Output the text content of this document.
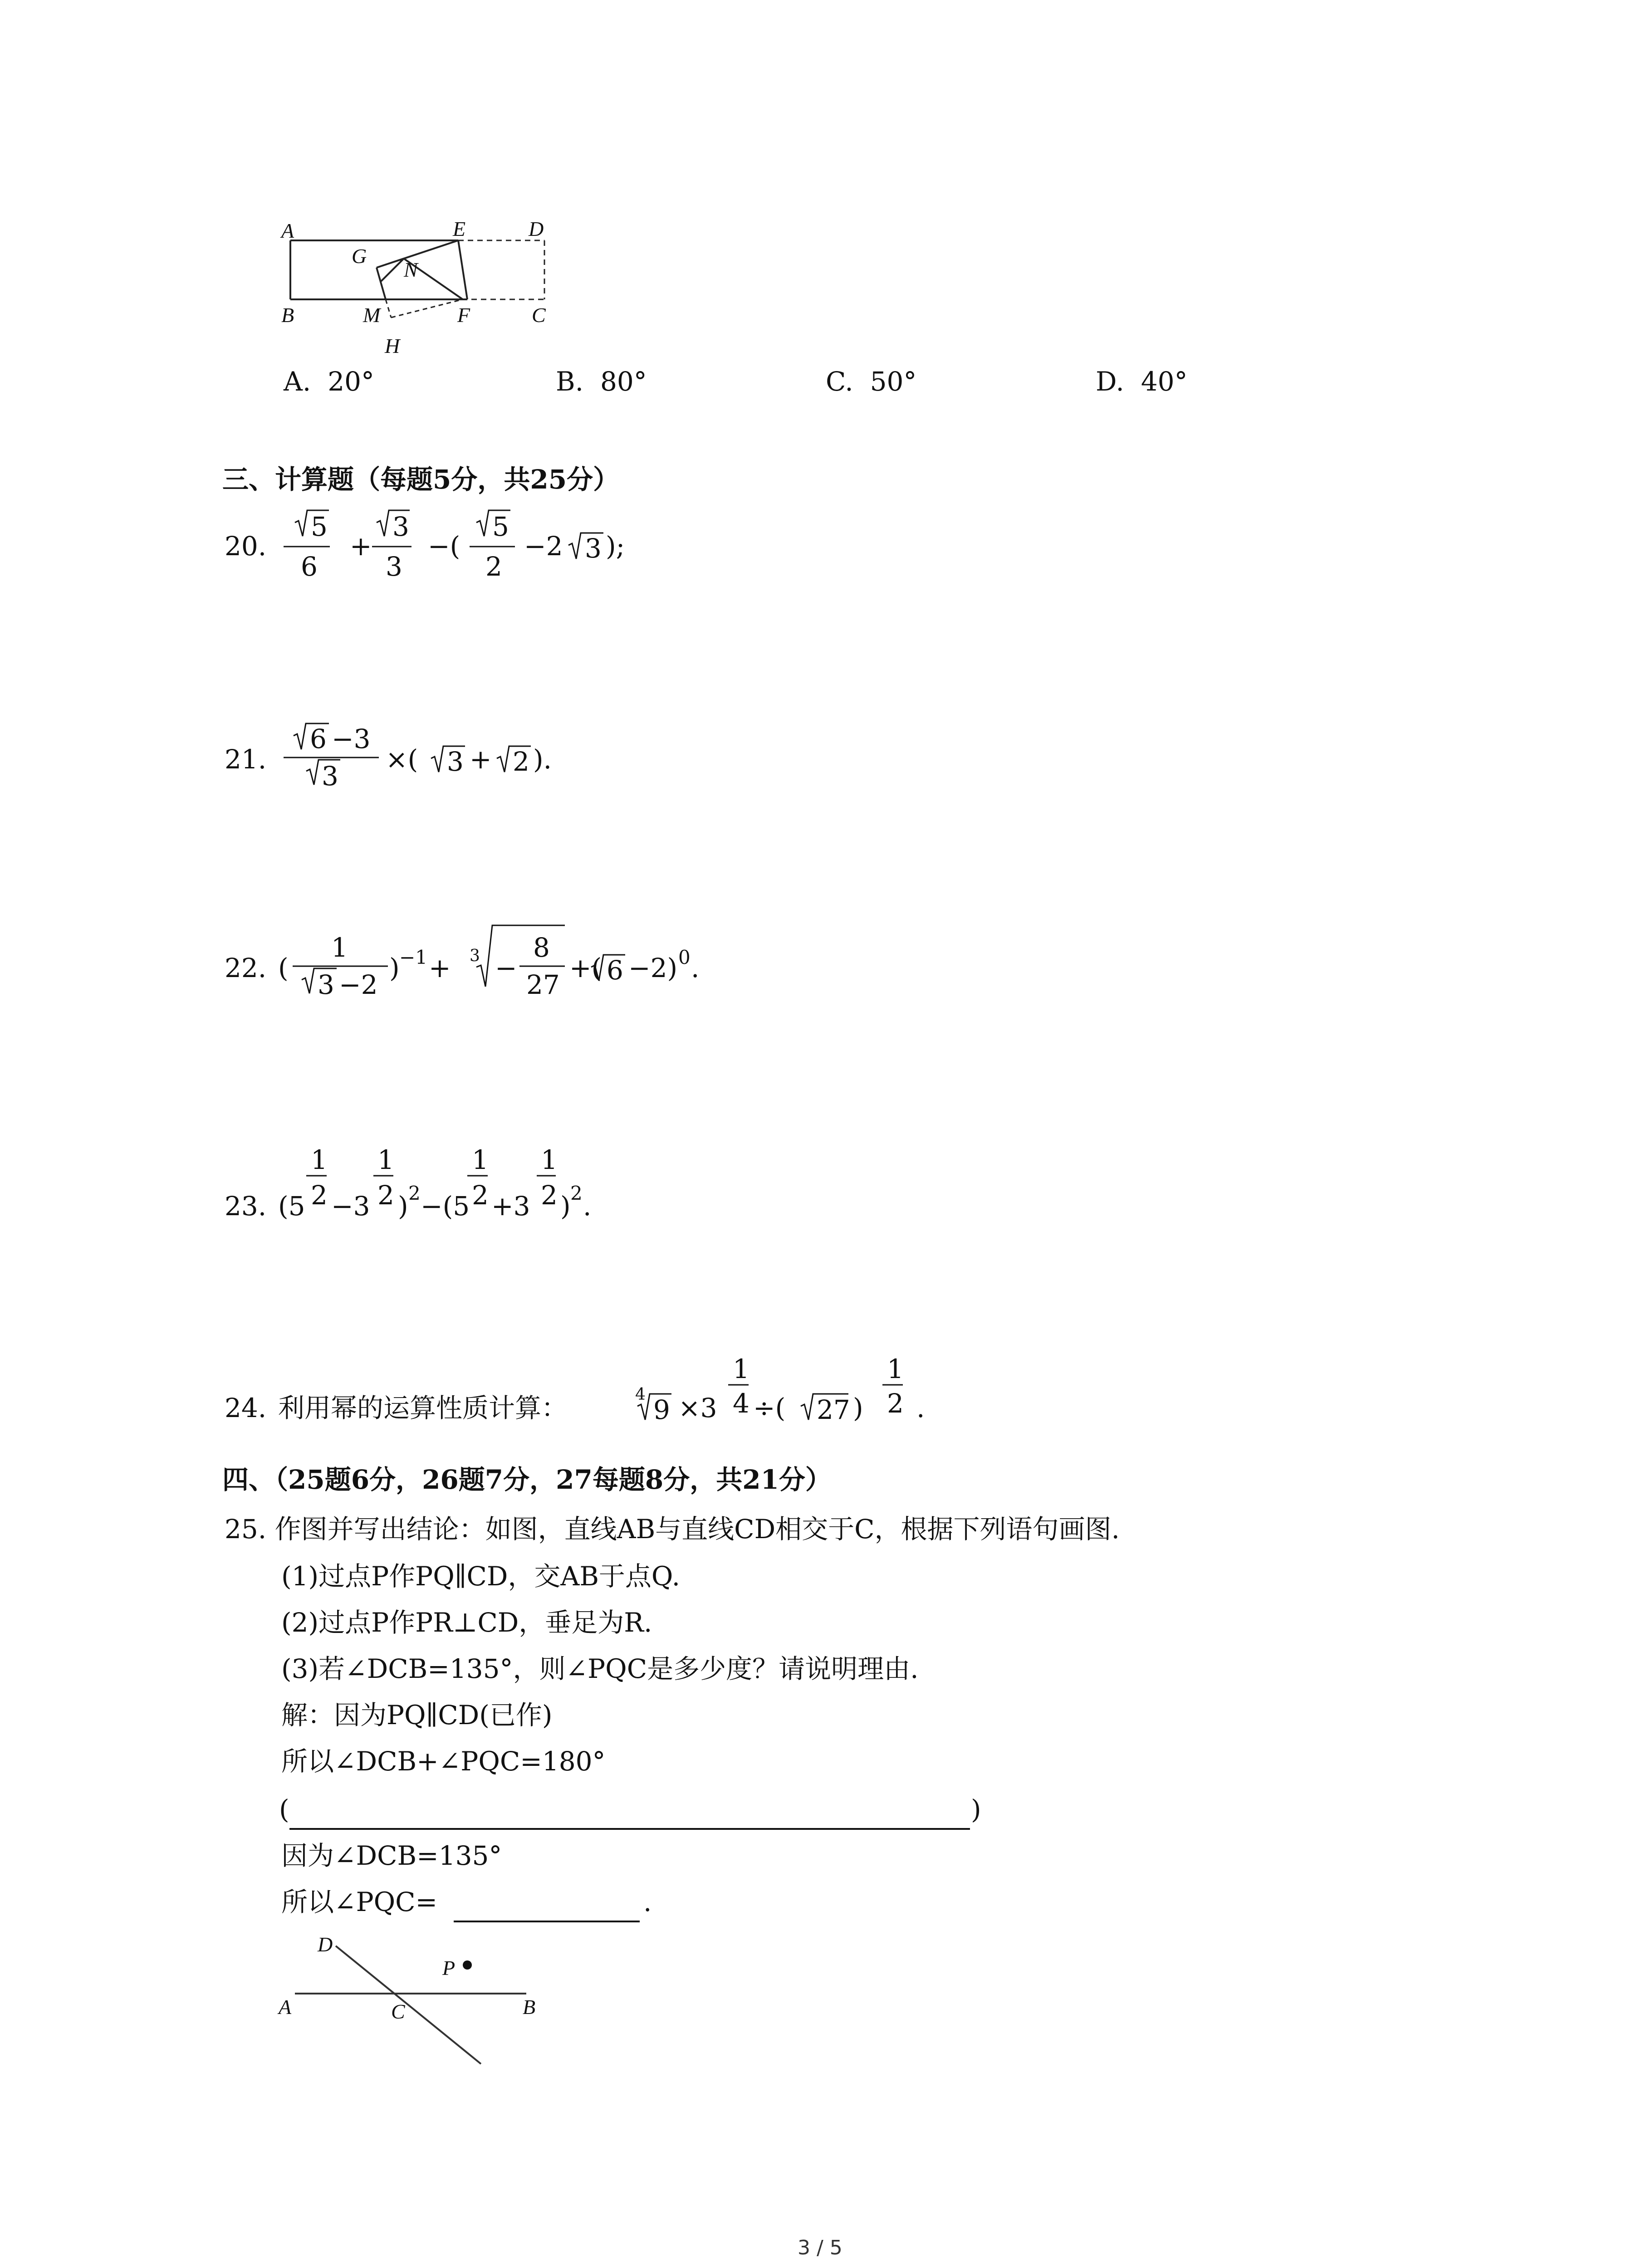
A	E	D
G
N
B	M	F	C
H
A. 20°	B. 80°	C. 50°	D. 40°
三、计算题（每题5分，共25分）
20.
5
6
+
3
3
−(
5
2
−2 3 );
21.
6 −3
3
×( 3 + 2 ).
22. (
1
3 −2
) −1 + 3 −
8
27
+( 6 −2) 0 .
23. (5
1
2 −3
1
2 ) 2 −(5
1
2 +3
1
2 ) 2 .
24. 利用幂的运算性质计算：	4 9 ×3
1
4 ÷( 27 )
1
2 .
四、（25题6分，26题7分，27每题8分，共21分）
25. 作图并写出结论：如图，直线AB与直线CD相交于C，根据下列语句画图.
(1)过点P作PQ∥CD，交AB于点Q.
(2)过点P作PR⊥CD，垂足为R.
(3)若∠DCB=135°，则∠PQC是多少度？请说明理由.
解：因为PQ∥CD(已作)
所以∠DCB+∠PQC=180°
(	)
因为∠DCB=135°
所以∠PQC=	.
D
P
A	C	B
3 / 5
